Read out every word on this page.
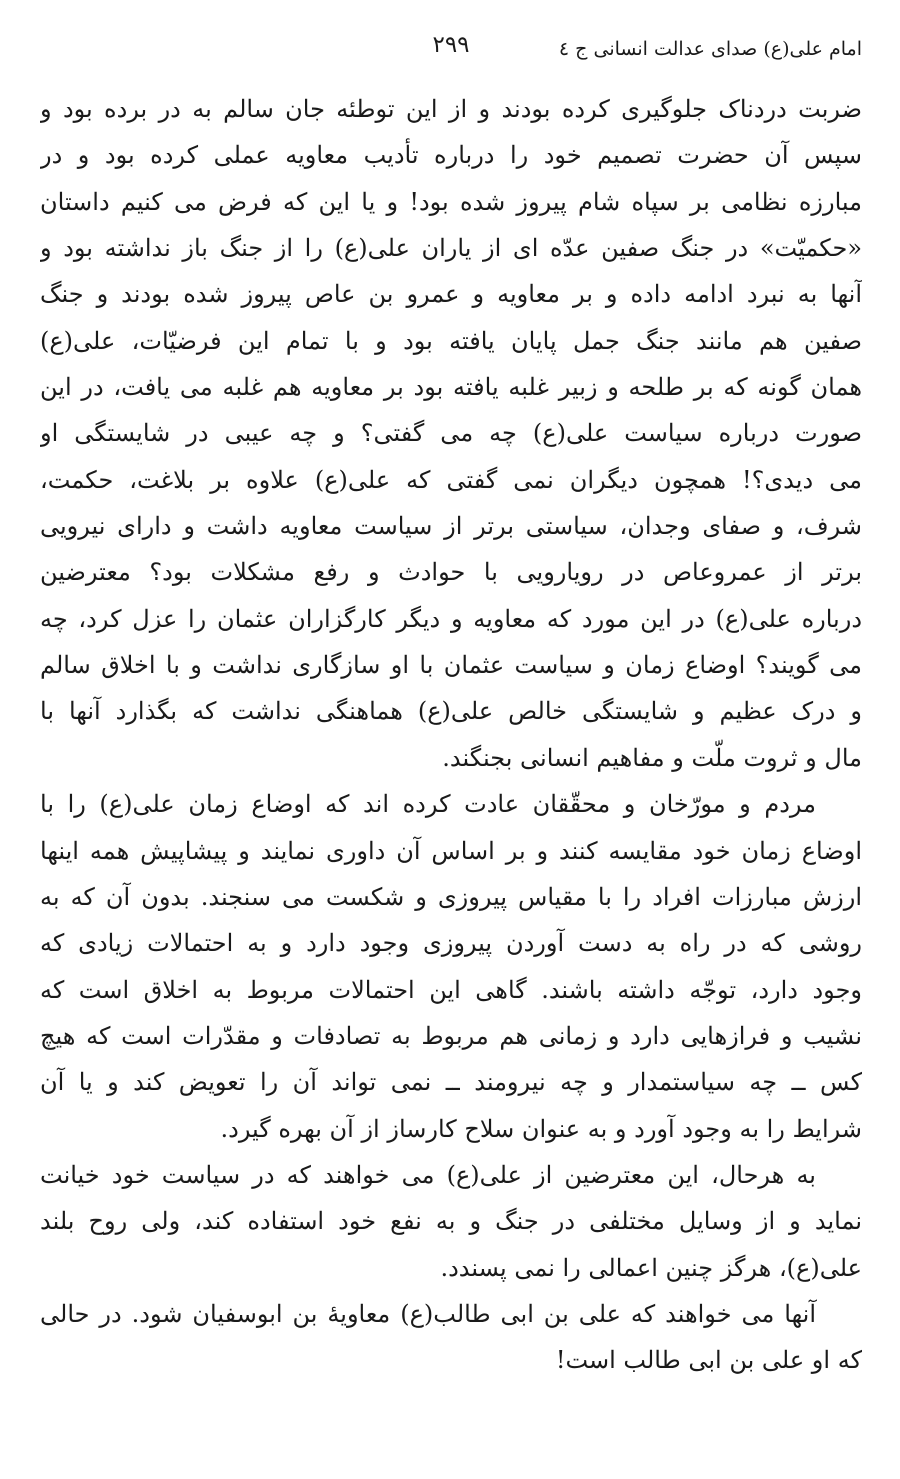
امام علی(ع) صدای عدالت انسانی ج ٤
٢٩٩
ضربت دردناک جلوگیری کرده بودند و از این توطئه جان سالم به در برده بود و
سپس آن حضرت تصمیم خود را درباره تأدیب معاویه عملی کرده بود و در
مبارزه نظامی بر سپاه شام پیروز شده بود! و یا این که فرض می کنیم داستان
«حکمیّت» در جنگ صفین عدّه ای از یاران علی(ع) را از جنگ باز نداشته بود و
آنها به نبرد ادامه داده و بر معاویه و عمرو بن عاص پیروز شده بودند و جنگ
صفین هم مانند جنگ جمل پایان یافته بود و با تمام این فرضیّات، علی(ع)
همان گونه که بر طلحه و زبیر غلبه یافته بود بر معاویه هم غلبه می یافت، در این
صورت درباره سیاست علی(ع) چه می گفتی؟ و چه عیبی در شایستگی او
می دیدی؟! همچون دیگران نمی گفتی که علی(ع) علاوه بر بلاغت، حکمت،
شرف، و صفای وجدان، سیاستی برتر از سیاست معاویه داشت و دارای نیرویی
برتر از عمروعاص در رویارویی با حوادث و رفع مشکلات بود؟ معترضین
درباره علی(ع) در این مورد که معاویه و دیگر کارگزاران عثمان را عزل کرد، چه
می گویند؟ اوضاع زمان و سیاست عثمان با او سازگاری نداشت و با اخلاق سالم
و درک عظیم و شایستگی خالص علی(ع) هماهنگی نداشت که بگذارد آنها با
مال و ثروت ملّت و مفاهیم انسانی بجنگند.
مردم و مورّخان و محقّقان عادت کرده اند که اوضاع زمان علی(ع) را با
اوضاع زمان خود مقایسه کنند و بر اساس آن داوری نمایند و پیشاپیش همه اینها
ارزش مبارزات افراد را با مقیاس پیروزی و شکست می سنجند. بدون آن که به
روشی که در راه به دست آوردن پیروزی وجود دارد و به احتمالات زیادی که
وجود دارد، توجّه داشته باشند. گاهی این احتمالات مربوط به اخلاق است که
نشیب و فرازهایی دارد و زمانی هم مربوط به تصادفات و مقدّرات است که هیچ
کس ــ چه سیاستمدار و چه نیرومند ــ نمی تواند آن را تعویض کند و یا آن
شرایط را به وجود آورد و به عنوان سلاح کارساز از آن بهره گیرد.
به هرحال، این معترضین از علی(ع) می خواهند که در سیاست خود خیانت
نماید و از وسایل مختلفی در جنگ و به نفع خود استفاده کند، ولی روح بلند
علی(ع)، هرگز چنین اعمالی را نمی پسندد.
آنها می خواهند که علی بن ابی طالب(ع) معاویهٔ بن ابوسفیان شود. در حالی
که او علی بن ابی طالب است!
